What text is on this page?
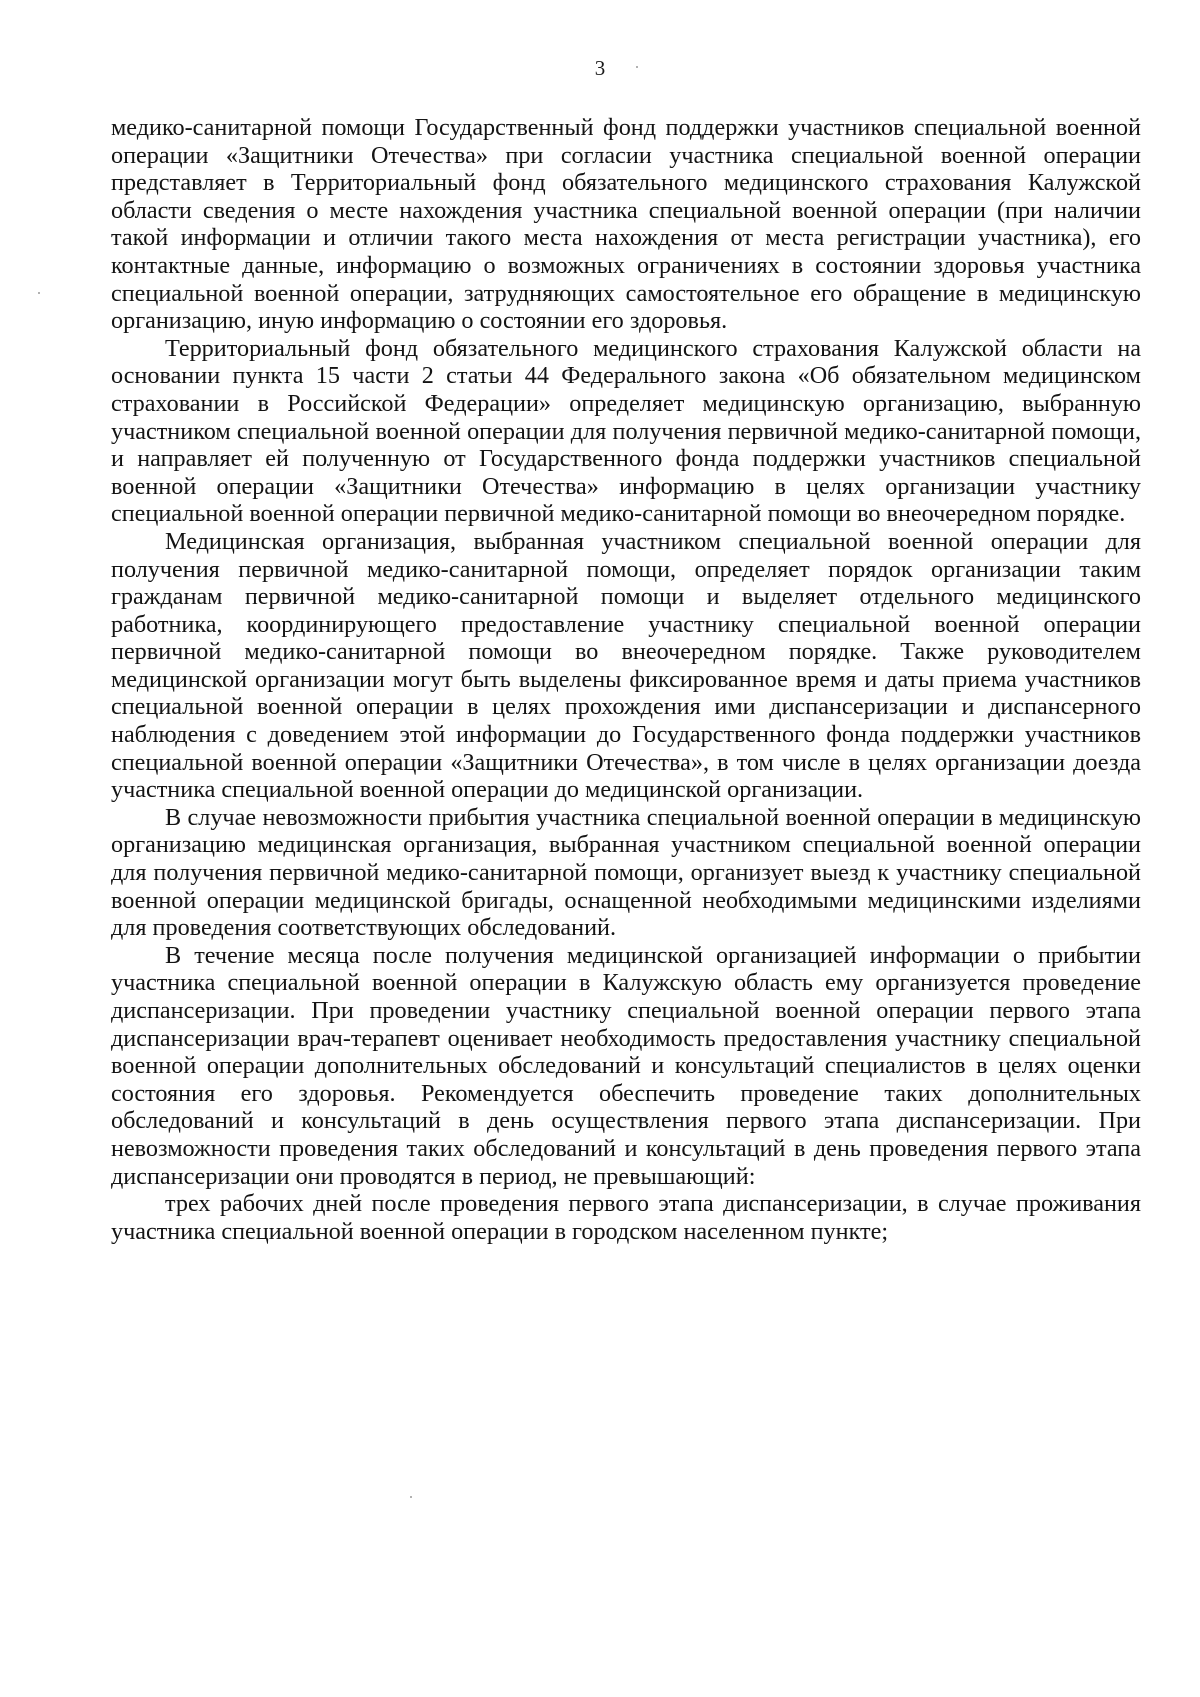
3

медико-санитарной помощи Государственный фонд поддержки участников специальной военной операции «Защитники Отечества» при согласии участника специальной военной операции представляет в Территориальный фонд обязательного медицинского страхования Калужской области сведения о месте нахождения участника специальной военной операции (при наличии такой информации и отличии такого места нахождения от места регистрации участника), его контактные данные, информацию о возможных ограничениях в состоянии здоровья участника специальной военной операции, затрудняющих самостоятельное его обращение в медицинскую организацию, иную информацию о состоянии его здоровья.

Территориальный фонд обязательного медицинского страхования Калужской области на основании пункта 15 части 2 статьи 44 Федерального закона «Об обязательном медицинском страховании в Российской Федерации» определяет медицинскую организацию, выбранную участником специальной военной операции для получения первичной медико-санитарной помощи, и направляет ей полученную от Государственного фонда поддержки участников специальной военной операции «Защитники Отечества» информацию в целях организации участнику специальной военной операции первичной медико-санитарной помощи во внеочередном порядке.

Медицинская организация, выбранная участником специальной военной операции для получения первичной медико-санитарной помощи, определяет порядок организации таким гражданам первичной медико-санитарной помощи и выделяет отдельного медицинского работника, координирующего предоставление участнику специальной военной операции первичной медико-санитарной помощи во внеочередном порядке. Также руководителем медицинской организации могут быть выделены фиксированное время и даты приема участников специальной военной операции в целях прохождения ими диспансеризации и диспансерного наблюдения с доведением этой информации до Государственного фонда поддержки участников специальной военной операции «Защитники Отечества», в том числе в целях организации доезда участника специальной военной операции до медицинской организации.

В случае невозможности прибытия участника специальной военной операции в медицинскую организацию медицинская организация, выбранная участником специальной военной операции для получения первичной медико-санитарной помощи, организует выезд к участнику специальной военной операции медицинской бригады, оснащенной необходимыми медицинскими изделиями для проведения соответствующих обследований.

В течение месяца после получения медицинской организацией информации о прибытии участника специальной военной операции в Калужскую область ему организуется проведение диспансеризации. При проведении участнику специальной военной операции первого этапа диспансеризации врач-терапевт оценивает необходимость предоставления участнику специальной военной операции дополнительных обследований и консультаций специалистов в целях оценки состояния его здоровья. Рекомендуется обеспечить проведение таких дополнительных обследований и консультаций в день осуществления первого этапа диспансеризации. При невозможности проведения таких обследований и консультаций в день проведения первого этапа диспансеризации они проводятся в период, не превышающий:

трех рабочих дней после проведения первого этапа диспансеризации, в случае проживания участника специальной военной операции в городском населенном пункте;
